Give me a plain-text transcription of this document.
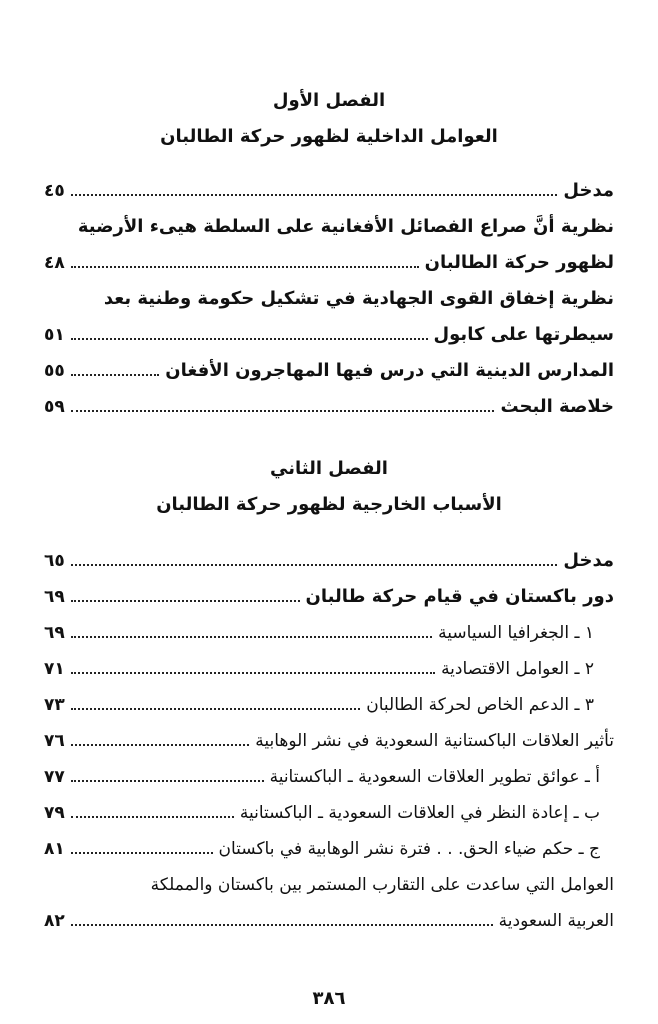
الفصل الأول
العوامل الداخلية لظهور حركة الطالبان
مدخل
٤٥
نظرية أنَّ صراع الفصائل الأفغانية على السلطة هيىء الأرضية
لظهور حركة الطالبان
٤٨
نظرية إخفاق القوى الجهادية في تشكيل حكومة وطنية بعد
سيطرتها على كابول
٥١
المدارس الدينية التي درس فيها المهاجرون الأفغان
٥٥
خلاصة البحث
٥٩
الفصل الثاني
الأسباب الخارجية لظهور حركة الطالبان
مدخل
٦٥
دور باكستان في قيام حركة طالبان
٦٩
١ ـ الجغرافيا السياسية
٦٩
٢ ـ العوامل الاقتصادية
٧١
٣ ـ الدعم الخاص لحركة الطالبان
٧٣
تأثير العلاقات الباكستانية السعودية في نشر الوهابية
٧٦
أ ـ عوائق تطوير العلاقات السعودية ـ الباكستانية
٧٧
ب ـ إعادة النظر في العلاقات السعودية ـ الباكستانية
٧٩
ج ـ حكم ضياء الحق. . . فترة نشر الوهابية في باكستان
٨١
العوامل التي ساعدت على التقارب المستمر بين باكستان والمملكة
العربية السعودية
٨٢
٣٨٦
